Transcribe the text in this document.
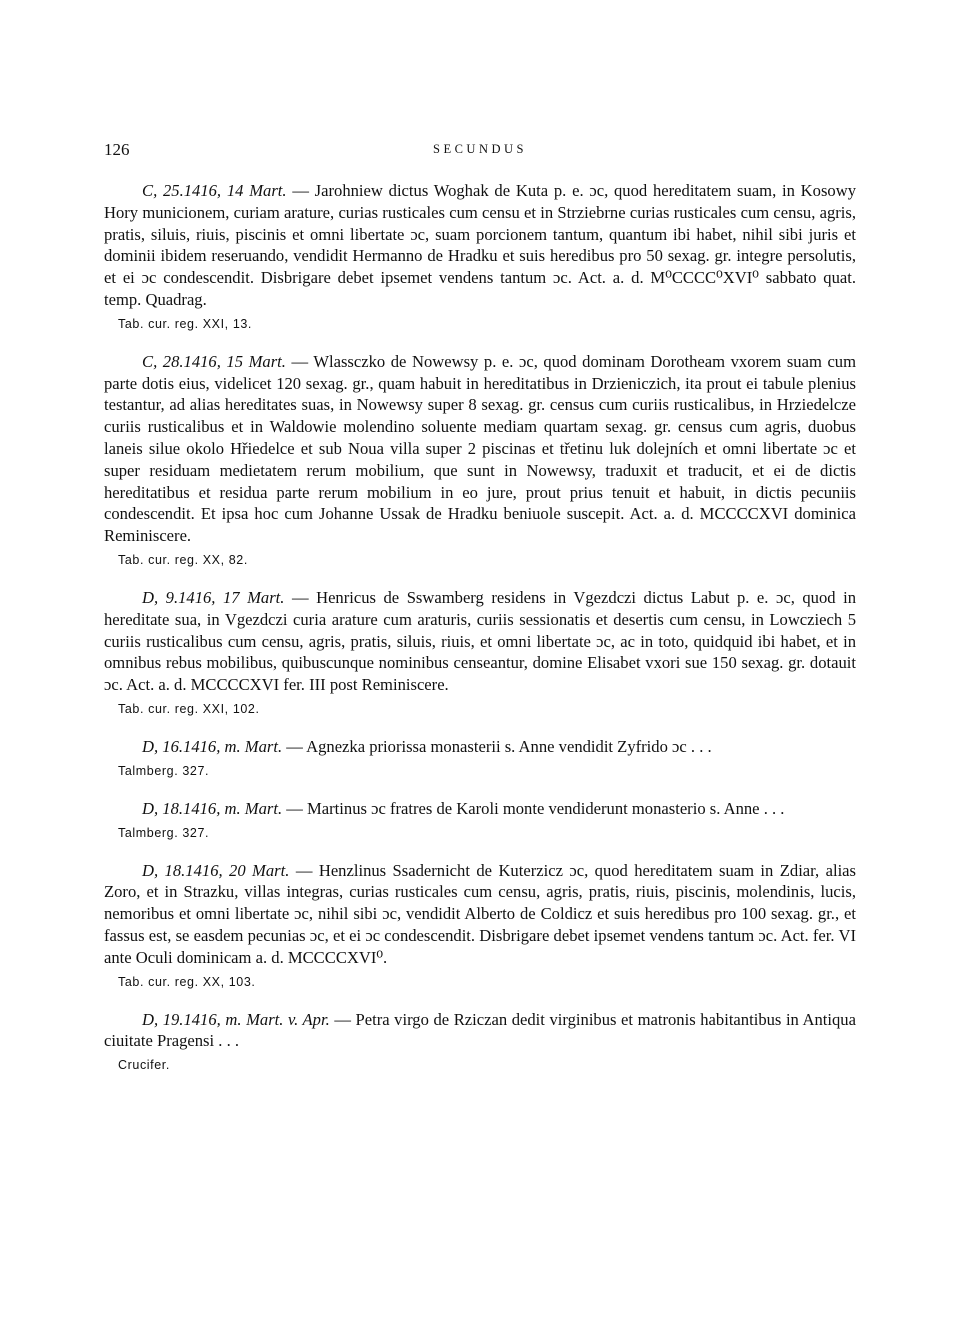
126	SECUNDUS

C, 25.1416, 14 Mart. — Jarohniew dictus Woghak de Kuta p. e. ɔc, quod hereditatem suam, in Kosowy Hory municionem, curiam arature, curias rusticales cum censu et in Strziebrne curias rusticales cum censu, agris, pratis, siluis, riuis, piscinis et omni libertate ɔc, suam porcionem tantum, quantum ibi habet, nihil sibi juris et dominii ibidem reseruando, vendidit Hermanno de Hradku et suis heredibus pro 50 sexag. gr. integre persolutis, et ei ɔc condescendit. Disbrigare debet ipsemet vendens tantum ɔc. Act. a. d. M⁰CCCC⁰XVI⁰ sabbato quat. temp. Quadrag.

Tab. cur. reg. XXI, 13.

C, 28.1416, 15 Mart. — Wlassczko de Nowewsy p. e. ɔc, quod dominam Dorotheam vxorem suam cum parte dotis eius, videlicet 120 sexag. gr., quam habuit in hereditatibus in Drzieniczich, ita prout ei tabule plenius testantur, ad alias hereditates suas, in Nowewsy super 8 sexag. gr. census cum curiis rusticalibus, in Hrziedelcze curiis rusticalibus et in Waldowie molendino soluente mediam quartam sexag. gr. census cum agris, duobus laneis silue okolo Hřiedelce et sub Noua villa super 2 piscinas et třetinu luk dolejních et omni libertate ɔc et super residuam medietatem rerum mobilium, que sunt in Nowewsy, traduxit et traducit, et ei de dictis hereditatibus et residua parte rerum mobilium in eo jure, prout prius tenuit et habuit, in dictis pecuniis condescendit. Et ipsa hoc cum Johanne Ussak de Hradku beniuole suscepit. Act. a. d. MCCCCXVI dominica Reminiscere.

Tab. cur. reg. XX, 82.

D, 9.1416, 17 Mart. — Henricus de Sswamberg residens in Vgezdczi dictus Labut p. e. ɔc, quod in hereditate sua, in Vgezdczi curia arature cum araturis, curiis sessionatis et desertis cum censu, in Lowcziech 5 curiis rusticalibus cum censu, agris, pratis, siluis, riuis, et omni libertate ɔc, ac in toto, quidquid ibi habet, et in omnibus rebus mobilibus, quibuscunque nominibus censeantur, domine Elisabet vxori sue 150 sexag. gr. dotauit ɔc. Act. a. d. MCCCCXVI fer. III post Reminiscere.

Tab. cur. reg. XXI, 102.

D, 16.1416, m. Mart. — Agnezka priorissa monasterii s. Anne vendidit Zyfrido ɔc . . .

Talmberg. 327.

D, 18.1416, m. Mart. — Martinus ɔc fratres de Karoli monte vendiderunt monasterio s. Anne . . .

Talmberg. 327.

D, 18.1416, 20 Mart. — Henzlinus Ssadernicht de Kuterzicz ɔc, quod hereditatem suam in Zdiar, alias Zoro, et in Strazku, villas integras, curias rusticales cum censu, agris, pratis, riuis, piscinis, molendinis, lucis, nemoribus et omni libertate ɔc, nihil sibi ɔc, vendidit Alberto de Coldicz et suis heredibus pro 100 sexag. gr., et fassus est, se easdem pecunias ɔc, et ei ɔc condescendit. Disbrigare debet ipsemet vendens tantum ɔc. Act. fer. VI ante Oculi dominicam a. d. MCCCCXVI⁰.

Tab. cur. reg. XX, 103.

D, 19.1416, m. Mart. v. Apr. — Petra virgo de Rziczan dedit virginibus et matronis habitantibus in Antiqua ciuitate Pragensi . . .

Crucifer.
